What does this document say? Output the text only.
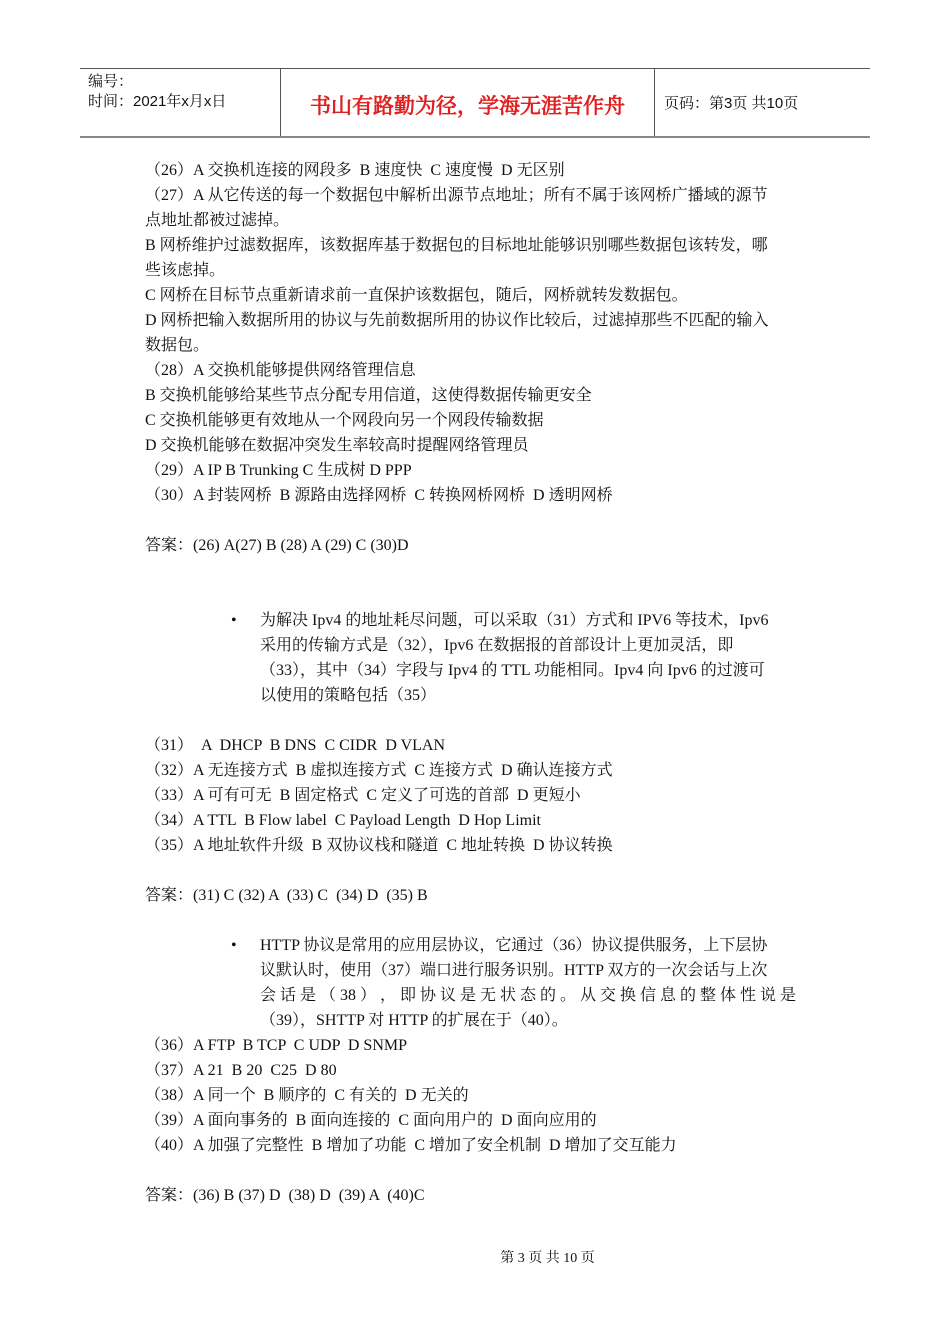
编号：
时间：2021年x月x日	书山有路勤为径，学海无涯苦作舟	页码：第3页 共10页
（26）A 交换机连接的网段多  B 速度快  C 速度慢  D 无区别
（27）A 从它传送的每一个数据包中解析出源节点地址；所有不属于该网桥广播域的源节
点地址都被过滤掉。
B 网桥维护过滤数据库，该数据库基于数据包的目标地址能够识别哪些数据包该转发，哪
些该虑掉。
C 网桥在目标节点重新请求前一直保护该数据包，随后，网桥就转发数据包。
D 网桥把输入数据所用的协议与先前数据所用的协议作比较后，过滤掉那些不匹配的输入
数据包。
（28）A 交换机能够提供网络管理信息
B 交换机能够给某些节点分配专用信道，这使得数据传输更安全
C 交换机能够更有效地从一个网段向另一个网段传输数据
D 交换机能够在数据冲突发生率较高时提醒网络管理员
（29）A IP B Trunking C 生成树 D PPP
（30）A 封装网桥  B 源路由选择网桥  C 转换网桥网桥  D 透明网桥
答案：(26) A(27) B (28) A (29) C (30)D
• 为解决 Ipv4 的地址耗尽问题，可以采取（31）方式和 IPV6 等技术，Ipv6
采用的传输方式是（32），Ipv6 在数据报的首部设计上更加灵活，即
（33），其中（34）字段与 Ipv4 的 TTL 功能相同。Ipv4 向 Ipv6 的过渡可
以使用的策略包括（35）
（31）  A  DHCP  B DNS  C CIDR  D VLAN
（32）A 无连接方式  B 虚拟连接方式  C 连接方式  D 确认连接方式
（33）A 可有可无  B 固定格式  C 定义了可选的首部  D 更短小
（34）A TTL  B Flow label  C Payload Length  D Hop Limit
（35）A 地址软件升级  B 双协议栈和隧道  C 地址转换  D 协议转换
答案：(31) C (32) A  (33) C  (34) D  (35) B
• HTTP 协议是常用的应用层协议，它通过（36）协议提供服务，上下层协
议默认时，使用（37）端口进行服务识别。HTTP 双方的一次会话与上次
会 话 是 （ 38 ） ， 即 协 议 是 无 状 态 的 。 从 交 换 信 息 的 整 体 性 说 是
（39），SHTTP 对 HTTP 的扩展在于（40）。
（36）A FTP  B TCP  C UDP  D SNMP
（37）A 21  B 20  C25  D 80
（38）A 同一个  B 顺序的  C 有关的  D 无关的
（39）A 面向事务的  B 面向连接的  C 面向用户的  D 面向应用的
（40）A 加强了完整性  B 增加了功能  C 增加了安全机制  D 增加了交互能力
答案：(36) B (37) D  (38) D  (39) A  (40)C
第 3 页 共 10 页
